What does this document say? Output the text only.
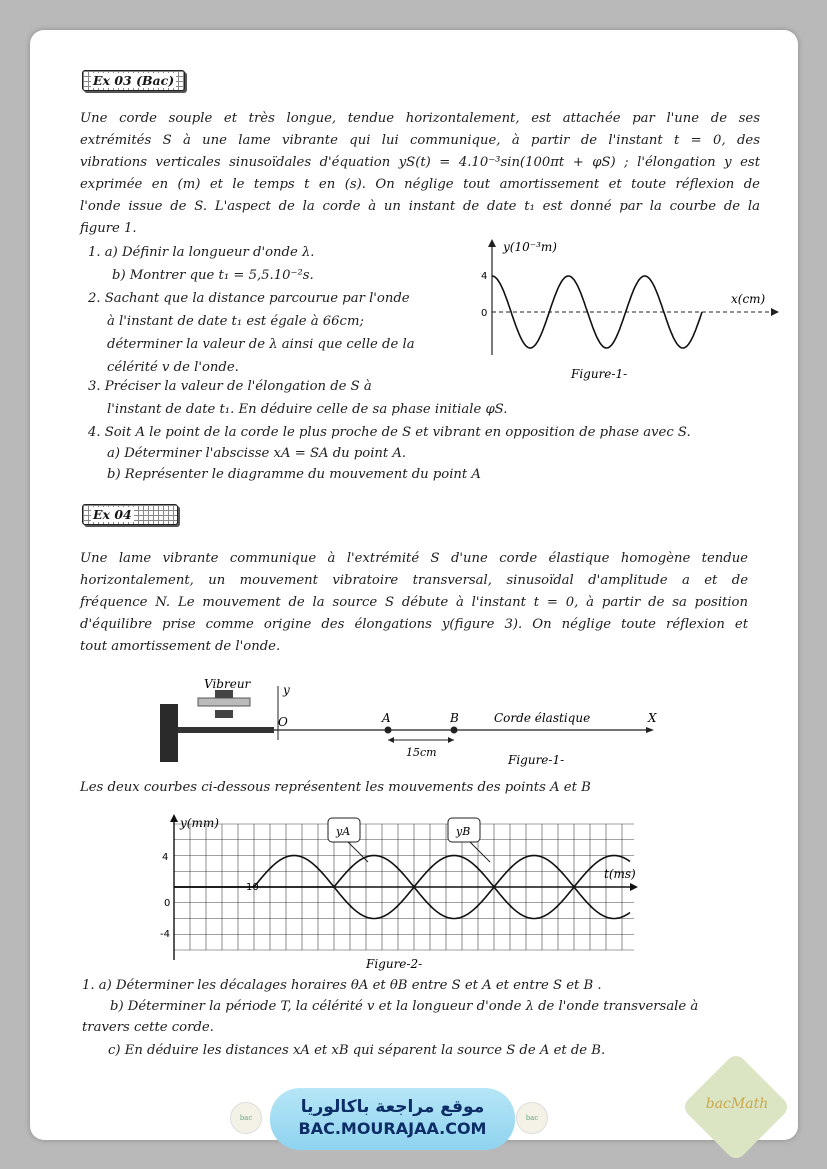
Ex 03 (Bac)
Une corde souple et très longue, tendue horizontalement, est attachée par l'une de ses
extrémités S à une lame vibrante qui lui communique, à partir de l'instant t = 0, des
vibrations verticales sinusoïdales d'équation yS(t) = 4.10⁻³sin(100πt + φS) ; l'élongation y est
exprimée en (m) et le temps t en (s). On néglige tout amortissement et toute réflexion de
l'onde issue de S. L'aspect de la corde à un instant de date t₁ est donné par la courbe de la
figure 1.
1. a) Définir la longueur d'onde λ.
b) Montrer que t₁ = 5,5.10⁻²s.
2. Sachant que la distance parcourue par l'onde
à l'instant de date t₁ est égale à 66cm;
déterminer la valeur de λ ainsi que celle de la
célérité v de l'onde.
3. Préciser la valeur de l'élongation de S à
l'instant de date t₁. En déduire celle de sa phase initiale φS.
4. Soit A le point de la corde le plus proche de S et vibrant en opposition de phase avec S.
a) Déterminer l'abscisse xA = SA du point A.
b) Représenter le diagramme du mouvement du point A
y(10⁻³m)
x(cm)
4
0
Figure-1-
Ex 04
Une lame vibrante communique à l'extrémité S d'une corde élastique homogène tendue
horizontalement, un mouvement vibratoire transversal, sinusoïdal d'amplitude a et de
fréquence N. Le mouvement de la source S débute à l'instant t = 0, à partir de sa position
d'équilibre prise comme origine des élongations y(figure 3). On néglige toute réflexion et
tout amortissement de l'onde.
Vibreur	y
O	A	B	Corde élastique	X
15cm
Figure-1-
Les deux courbes ci-dessous représentent les mouvements des points A et B
yA	yB
y(mm)
t(ms)
4
0
-4
10
Figure-2-
1. a) Déterminer les décalages horaires θA et θB entre S et A et entre S et B .
b) Déterminer la période T, la célérité v et la longueur d'onde λ de l'onde transversale à
travers cette corde.
c) En déduire les distances xA et xB qui séparent la source S de A et de B.
bac
موقع مراجعة باكالوريا
BAC.MOURAJAA.COM
bac
bacMath
